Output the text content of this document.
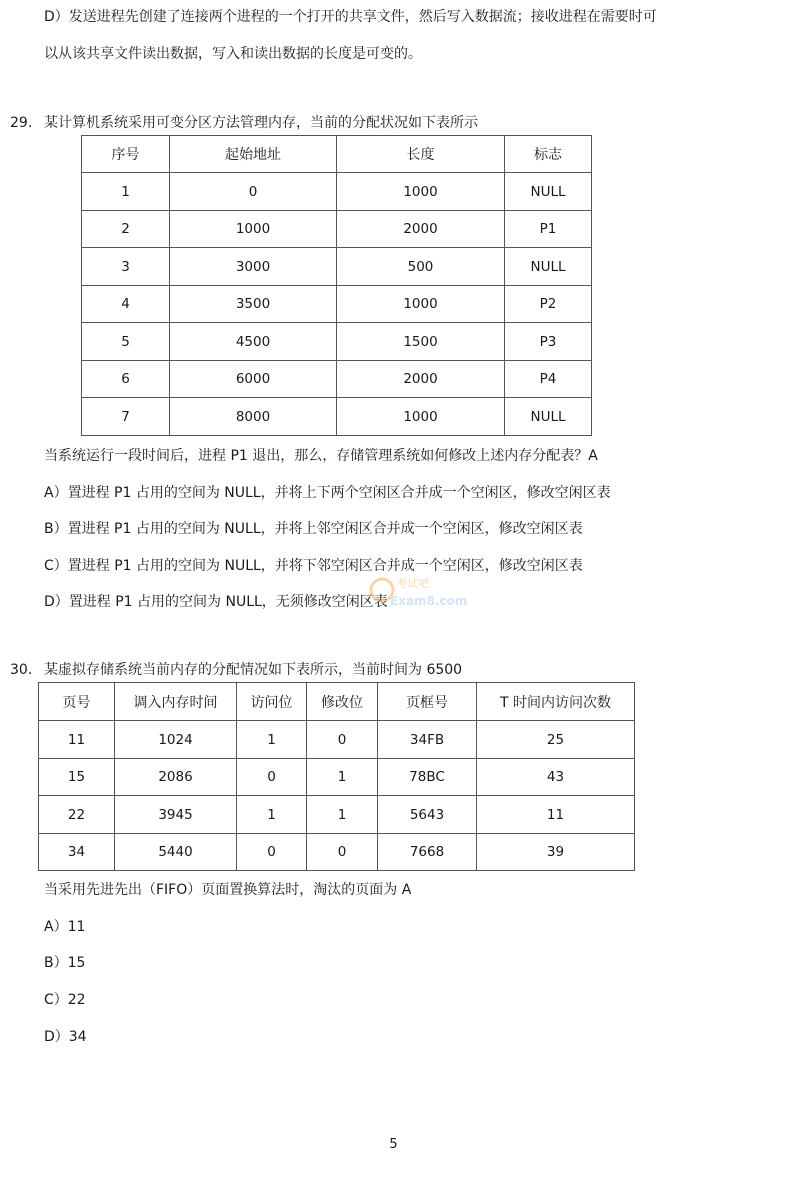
D）发送进程先创建了连接两个进程的一个打开的共享文件，然后写入数据流；接收进程在需要时可
以从该共享文件读出数据，写入和读出数据的长度是可变的。
29. 某计算机系统采用可变分区方法管理内存，当前的分配状况如下表所示
序号	起始地址	长度	标志
1	0	1000	NULL
2	1000	2000	P1
3	3000	500	NULL
4	3500	1000	P2
5	4500	1500	P3
6	6000	2000	P4
7	8000	1000	NULL
当系统运行一段时间后，进程 P1 退出，那么，存储管理系统如何修改上述内存分配表？A
A）置进程 P1 占用的空间为 NULL，并将上下两个空闲区合并成一个空闲区，修改空闲区表
B）置进程 P1 占用的空间为 NULL，并将上邻空闲区合并成一个空闲区，修改空闲区表
C）置进程 P1 占用的空间为 NULL，并将下邻空闲区合并成一个空闲区，修改空闲区表
D）置进程 P1 占用的空间为 NULL，无须修改空闲区表
考试吧
Exam8.com
30. 某虚拟存储系统当前内存的分配情况如下表所示，当前时间为 6500
页号	调入内存时间	访问位	修改位	页框号	T 时间内访问次数
11	1024	1	0	34FB	25
15	2086	0	1	78BC	43
22	3945	1	1	5643	11
34	5440	0	0	7668	39
当采用先进先出（FIFO）页面置换算法时，淘汰的页面为 A
A）11
B）15
C）22
D）34
5
